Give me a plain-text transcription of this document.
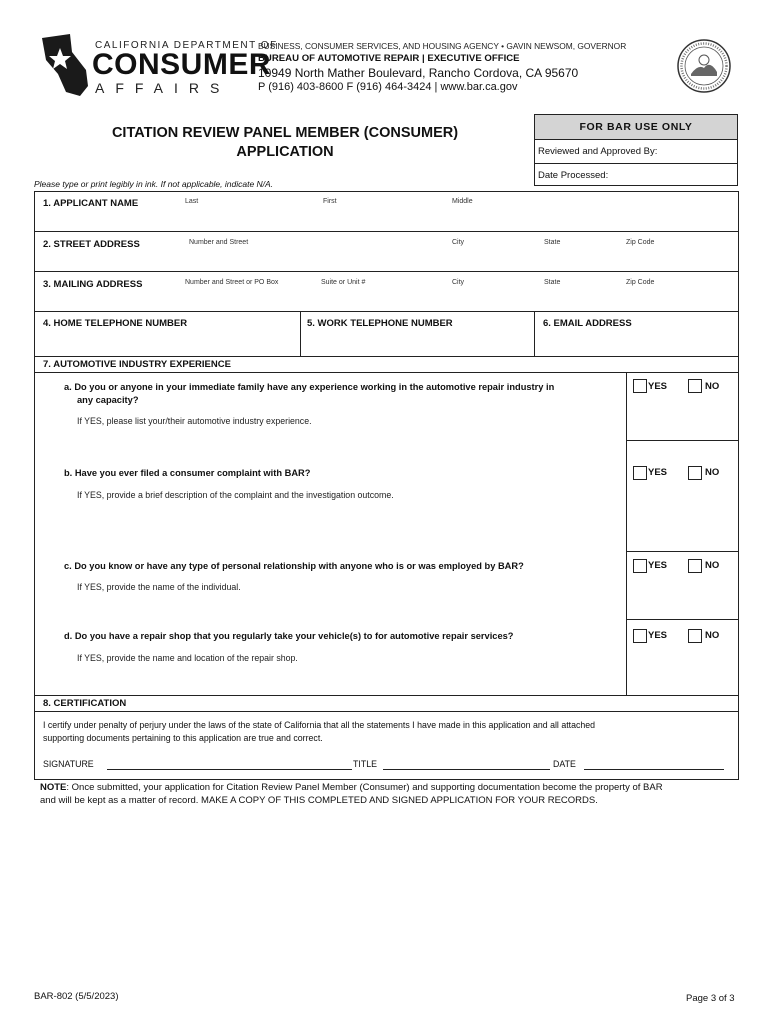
CALIFORNIA DEPARTMENT OF
CONSUMER
AFFAIRS
BUSINESS, CONSUMER SERVICES, AND HOUSING AGENCY • GAVIN NEWSOM, GOVERNOR
BUREAU OF AUTOMOTIVE REPAIR | EXECUTIVE OFFICE
10949 North Mather Boulevard, Rancho Cordova, CA 95670
P (916) 403-8600 F (916) 464-3424 | www.bar.ca.gov
CITATION REVIEW PANEL MEMBER (CONSUMER)
APPLICATION
FOR BAR USE ONLY
Reviewed and Approved By:
Date Processed:
Please type or print legibly in ink. If not applicable, indicate N/A.
1. APPLICANT NAME	Last	First	Middle
2. STREET ADDRESS	Number and Street	City	State	Zip Code
3. MAILING ADDRESS	Number and Street or PO Box	Suite or Unit #	City	State	Zip Code
4. HOME TELEPHONE NUMBER	5. WORK TELEPHONE NUMBER	6. EMAIL ADDRESS
7. AUTOMOTIVE INDUSTRY EXPERIENCE
a. Do you or anyone in your immediate family have any experience working in the automotive repair industry in
any capacity?
If YES, please list your/their automotive industry experience.
YES	NO
b. Have you ever filed a consumer complaint with BAR?
If YES, provide a brief description of the complaint and the investigation outcome.
YES	NO
c. Do you know or have any type of personal relationship with anyone who is or was employed by BAR?
If YES, provide the name of the individual.
YES	NO
d. Do you have a repair shop that you regularly take your vehicle(s) to for automotive repair services?
If YES, provide the name and location of the repair shop.
YES	NO
8. CERTIFICATION
I certify under penalty of perjury under the laws of the state of California that all the statements I have made in this application and all attached
supporting documents pertaining to this application are true and correct.
SIGNATURE	TITLE	DATE
NOTE: Once submitted, your application for Citation Review Panel Member (Consumer) and supporting documentation become the property of BAR
and will be kept as a matter of record. MAKE A COPY OF THIS COMPLETED AND SIGNED APPLICATION FOR YOUR RECORDS.
BAR-802 (5/5/2023)	Page 3 of 3
